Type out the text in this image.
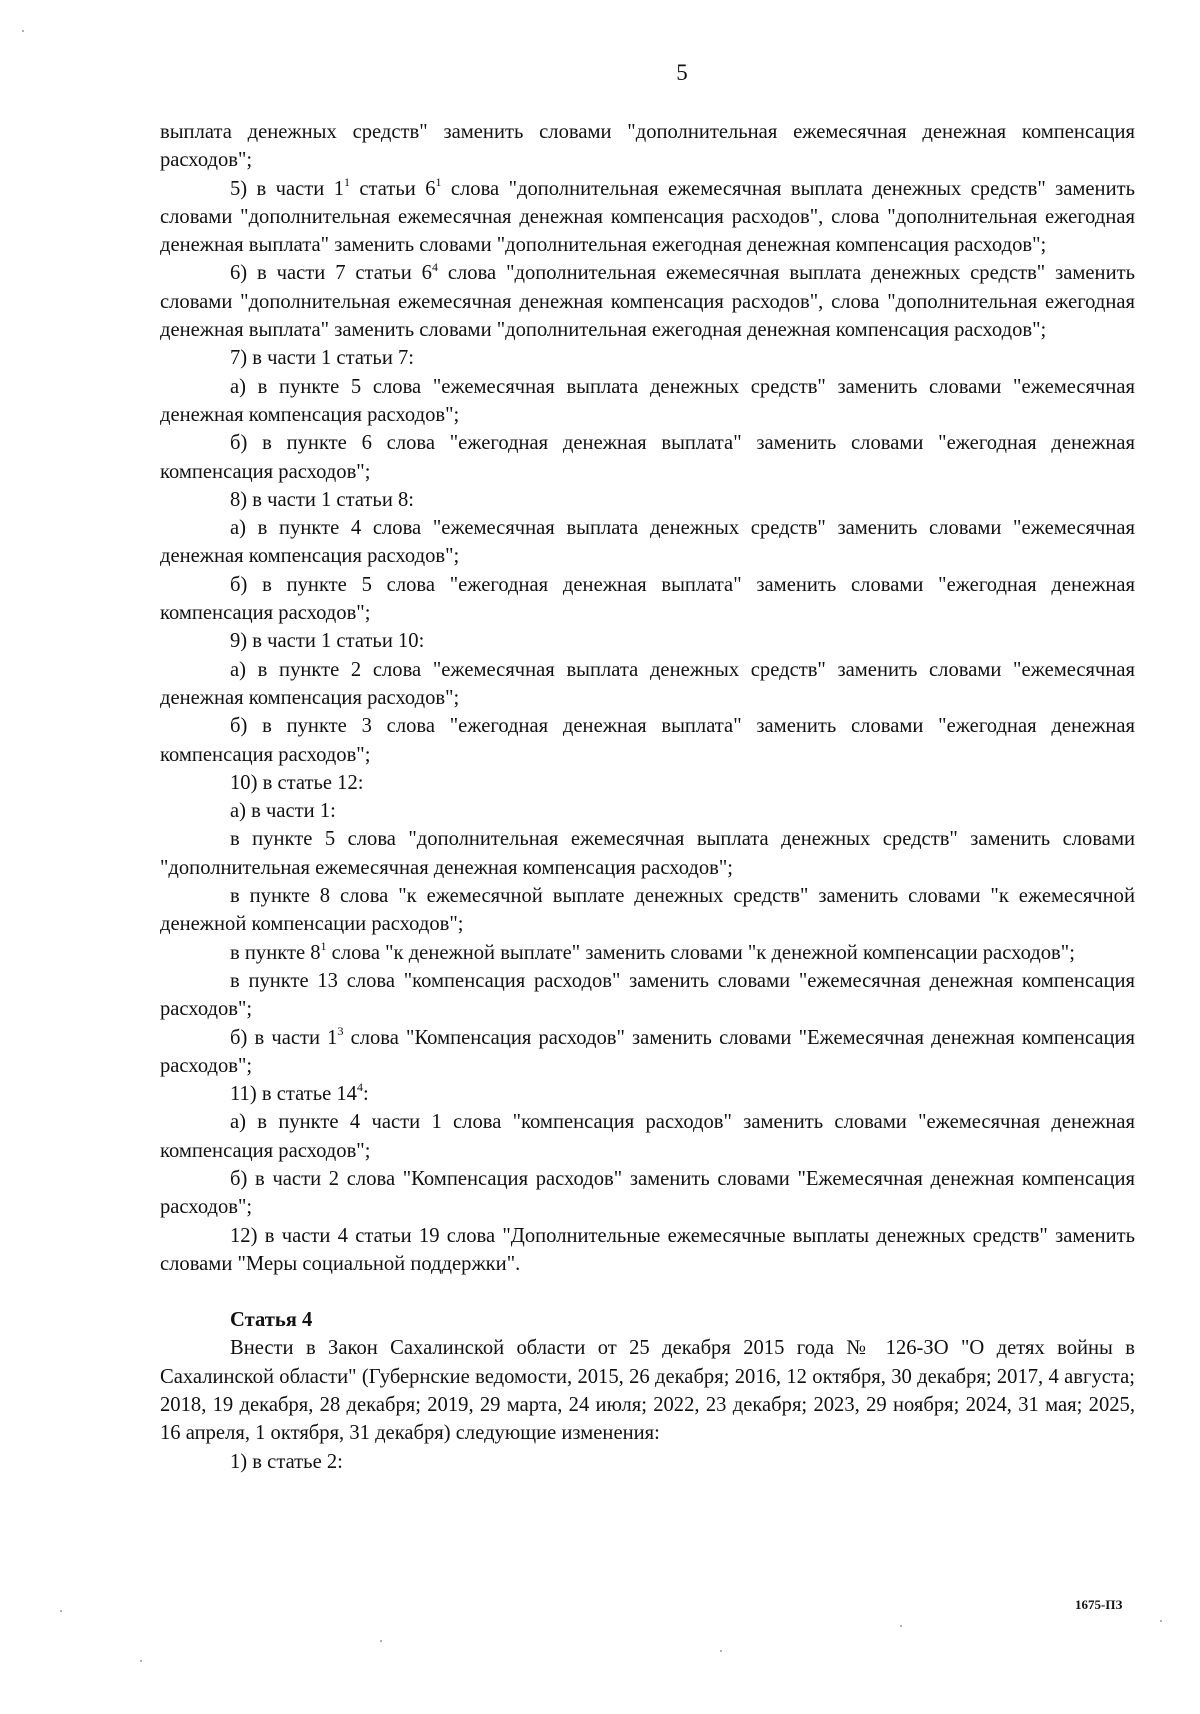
5

выплата денежных средств" заменить словами "дополнительная ежемесячная денежная компенсация расходов";

5) в части $1^1$ статьи $6^1$ слова "дополнительная ежемесячная выплата денежных средств" заменить словами "дополнительная ежемесячная денежная компенсация расходов", слова "дополнительная ежегодная денежная выплата" заменить словами "дополнительная ежегодная денежная компенсация расходов";

6) в части 7 статьи $6^4$ слова "дополнительная ежемесячная выплата денежных средств" заменить словами "дополнительная ежемесячная денежная компенсация расходов", слова "дополнительная ежегодная денежная выплата" заменить словами "дополнительная ежегодная денежная компенсация расходов";

7) в части 1 статьи 7:

а) в пункте 5 слова "ежемесячная выплата денежных средств" заменить словами "ежемесячная денежная компенсация расходов";

б) в пункте 6 слова "ежегодная денежная выплата" заменить словами "ежегодная денежная компенсация расходов";

8) в части 1 статьи 8:

а) в пункте 4 слова "ежемесячная выплата денежных средств" заменить словами "ежемесячная денежная компенсация расходов";

б) в пункте 5 слова "ежегодная денежная выплата" заменить словами "ежегодная денежная компенсация расходов";

9) в части 1 статьи 10:

а) в пункте 2 слова "ежемесячная выплата денежных средств" заменить словами "ежемесячная денежная компенсация расходов";

б) в пункте 3 слова "ежегодная денежная выплата" заменить словами "ежегодная денежная компенсация расходов";

10) в статье 12:

а) в части 1:

в пункте 5 слова "дополнительная ежемесячная выплата денежных средств" заменить словами "дополнительная ежемесячная денежная компенсация расходов";

в пункте 8 слова "к ежемесячной выплате денежных средств" заменить словами "к ежемесячной денежной компенсации расходов";

в пункте $8^1$ слова "к денежной выплате" заменить словами "к денежной компенсации расходов";

в пункте 13 слова "компенсация расходов" заменить словами "ежемесячная денежная компенсация расходов";

б) в части $1^3$ слова "Компенсация расходов" заменить словами "Ежемесячная денежная компенсация расходов";

11) в статье $14^4$:

а) в пункте 4 части 1 слова "компенсация расходов" заменить словами "ежемесячная денежная компенсация расходов";

б) в части 2 слова "Компенсация расходов" заменить словами "Ежемесячная денежная компенсация расходов";

12) в части 4 статьи 19 слова "Дополнительные ежемесячные выплаты денежных средств" заменить словами "Меры социальной поддержки".

Статья 4

Внести в Закон Сахалинской области от 25 декабря 2015 года № 126-ЗО "О детях войны в Сахалинской области" (Губернские ведомости, 2015, 26 декабря; 2016, 12 октября, 30 декабря; 2017, 4 августа; 2018, 19 декабря, 28 декабря; 2019, 29 марта, 24 июля; 2022, 23 декабря; 2023, 29 ноября; 2024, 31 мая; 2025, 16 апреля, 1 октября, 31 декабря) следующие изменения:

1) в статье 2:

1675-ПЗ
